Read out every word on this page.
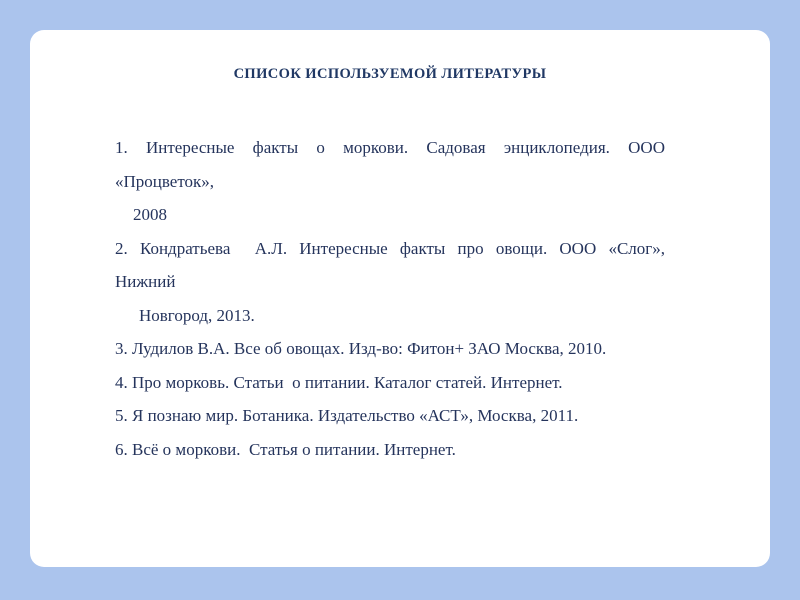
СПИСОК ИСПОЛЬЗУЕМОЙ ЛИТЕРАТУРЫ
1. Интересные факты о моркови. Садовая энциклопедия. ООО
«Процветок»,
2008
2. Кондратьева  А.Л. Интересные факты про овощи. ООО «Слог»,
Нижний
Новгород, 2013.
3. Лудилов В.А. Все об овощах. Изд-во: Фитон+ ЗАО Москва, 2010.
4. Про морковь. Статьи  о питании. Каталог статей. Интернет.
5. Я познаю мир. Ботаника. Издательство «АСТ», Москва, 2011.
6. Всё о моркови.  Статья о питании. Интернет.
